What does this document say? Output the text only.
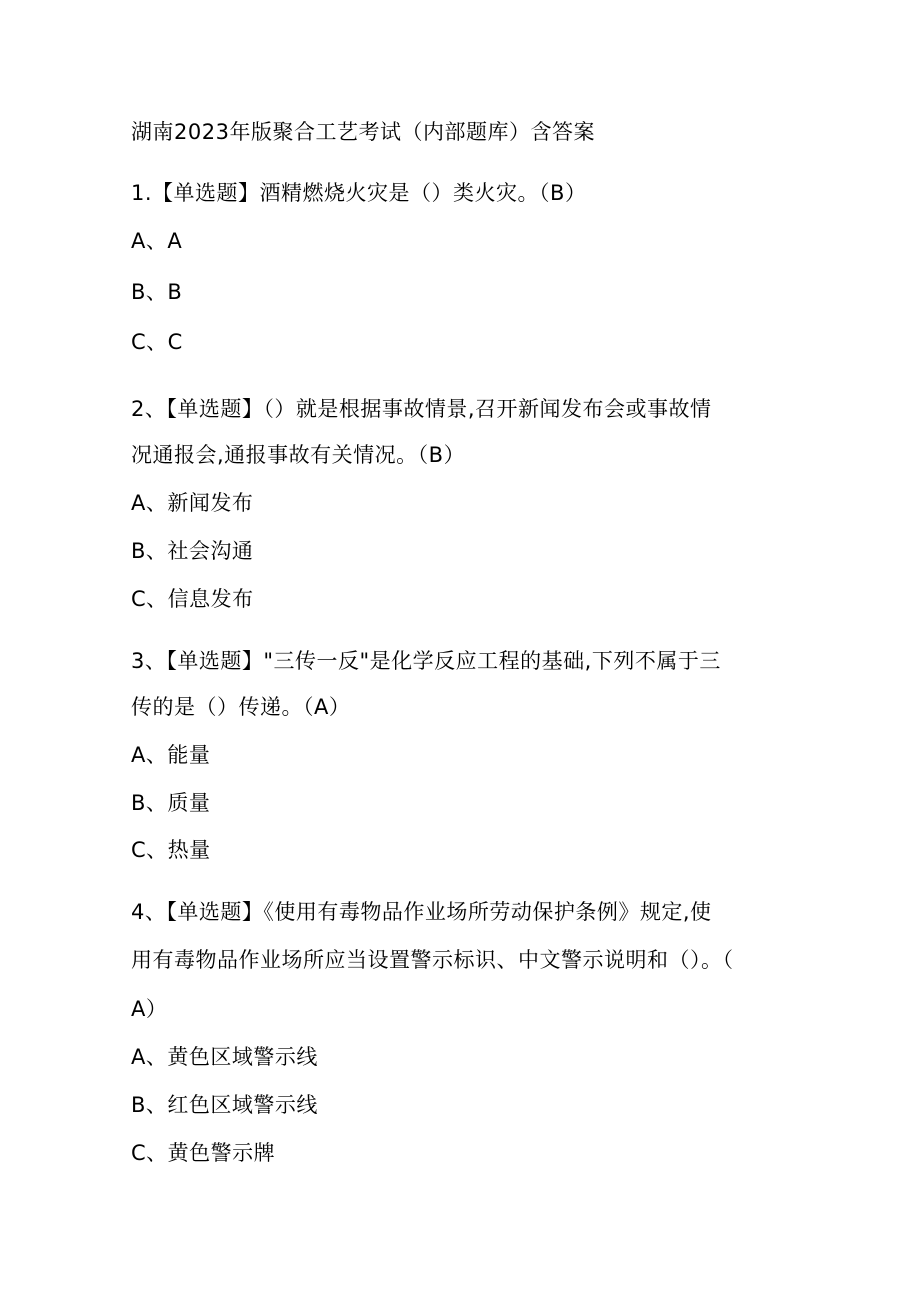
湖南2023年版聚合工艺考试（内部题库）含答案
1.【单选题】酒精燃烧火灾是（）类火灾。（B）
A、A
B、B
C、C
2、【单选题】（）就是根据事故情景,召开新闻发布会或事故情
况通报会,通报事故有关情况。（B）
A、新闻发布
B、社会沟通
C、信息发布
3、【单选题】"三传一反"是化学反应工程的基础,下列不属于三
传的是（）传递。（A）
A、能量
B、质量
C、热量
4、【单选题】《使用有毒物品作业场所劳动保护条例》规定,使
用有毒物品作业场所应当设置警示标识、中文警示说明和（）。（
A）
A、黄色区域警示线
B、红色区域警示线
C、黄色警示牌
